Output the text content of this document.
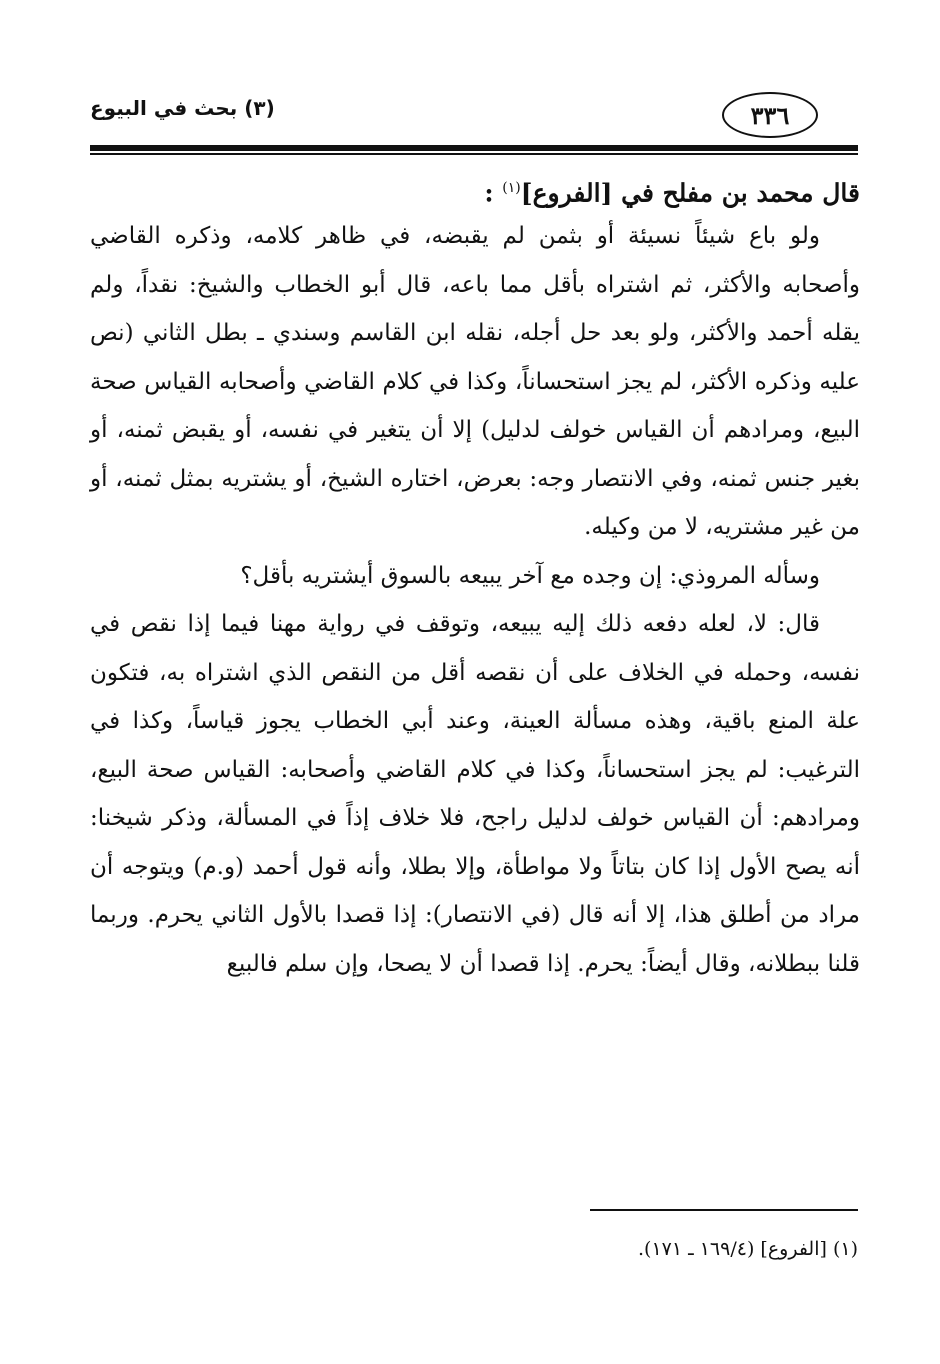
٣٣٦
(٣) بحث في البيوع

قال محمد بن مفلح في [الفروع]$^{(١)}$ :

ولو باع شيئاً نسيئة أو بثمن لم يقبضه، في ظاهر كلامه، وذكره القاضي وأصحابه والأكثر، ثم اشتراه بأقل مما باعه، قال أبو الخطاب والشيخ: نقداً، ولم يقله أحمد والأكثر، ولو بعد حل أجله، نقله ابن القاسم وسندي ـ بطل الثاني (نص عليه وذكره الأكثر، لم يجز استحساناً، وكذا في كلام القاضي وأصحابه القياس صحة البيع، ومرادهم أن القياس خولف لدليل) إلا أن يتغير في نفسه، أو يقبض ثمنه، أو بغير جنس ثمنه، وفي الانتصار وجه: بعرض، اختاره الشيخ، أو يشتريه بمثل ثمنه، أو من غير مشتريه، لا من وكيله.

وسأله المروذي: إن وجده مع آخر يبيعه بالسوق أيشتريه بأقل؟

قال: لا، لعله دفعه ذلك إليه يبيعه، وتوقف في رواية مهنا فيما إذا نقص في نفسه، وحمله في الخلاف على أن نقصه أقل من النقص الذي اشتراه به، فتكون علة المنع باقية، وهذه مسألة العينة، وعند أبي الخطاب يجوز قياساً، وكذا في الترغيب: لم يجز استحساناً، وكذا في كلام القاضي وأصحابه: القياس صحة البيع، ومرادهم: أن القياس خولف لدليل راجح، فلا خلاف إذاً في المسألة، وذكر شيخنا: أنه يصح الأول إذا كان بتاتاً ولا مواطأة، وإلا بطلا، وأنه قول أحمد (و.م) ويتوجه أن مراد من أطلق هذا، إلا أنه قال (في الانتصار): إذا قصدا بالأول الثاني يحرم. وربما قلنا ببطلانه، وقال أيضاً: يحرم. إذا قصدا أن لا يصحا، وإن سلم فالبيع

(١) [الفروع] (١٦٩/٤ ـ ١٧١).
